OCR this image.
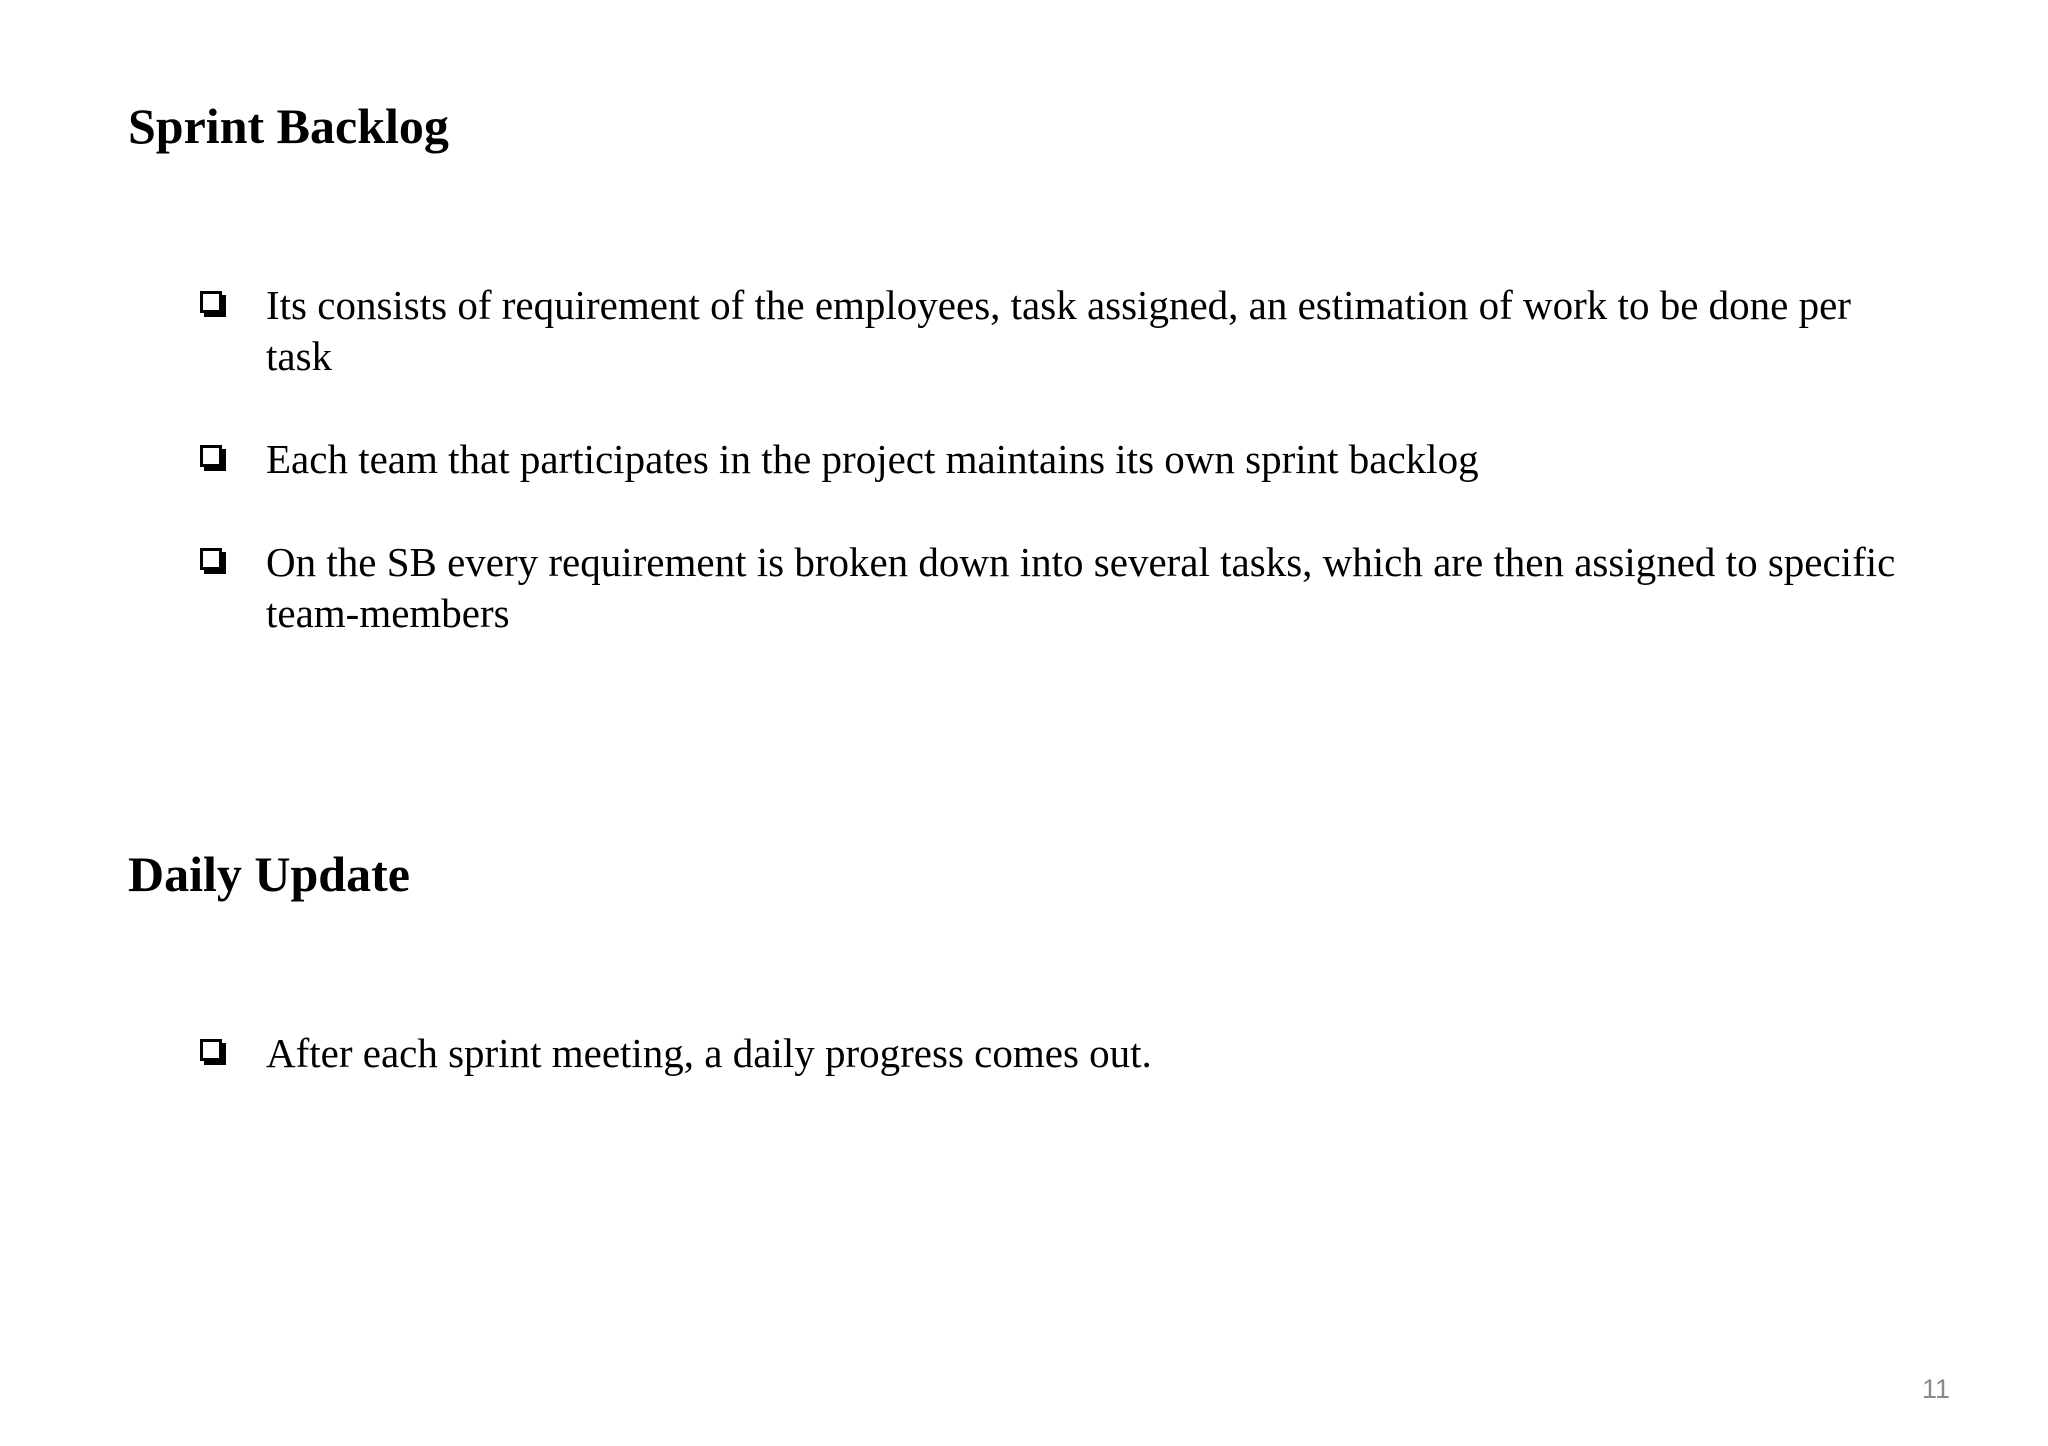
Sprint Backlog
Its consists of requirement of the employees, task assigned, an estimation of work to be done per task
Each team that participates in the project maintains its own sprint backlog
On the SB every requirement is broken down into several tasks, which are then assigned to specific team-members
Daily Update
After each sprint meeting, a daily progress comes out.
11
